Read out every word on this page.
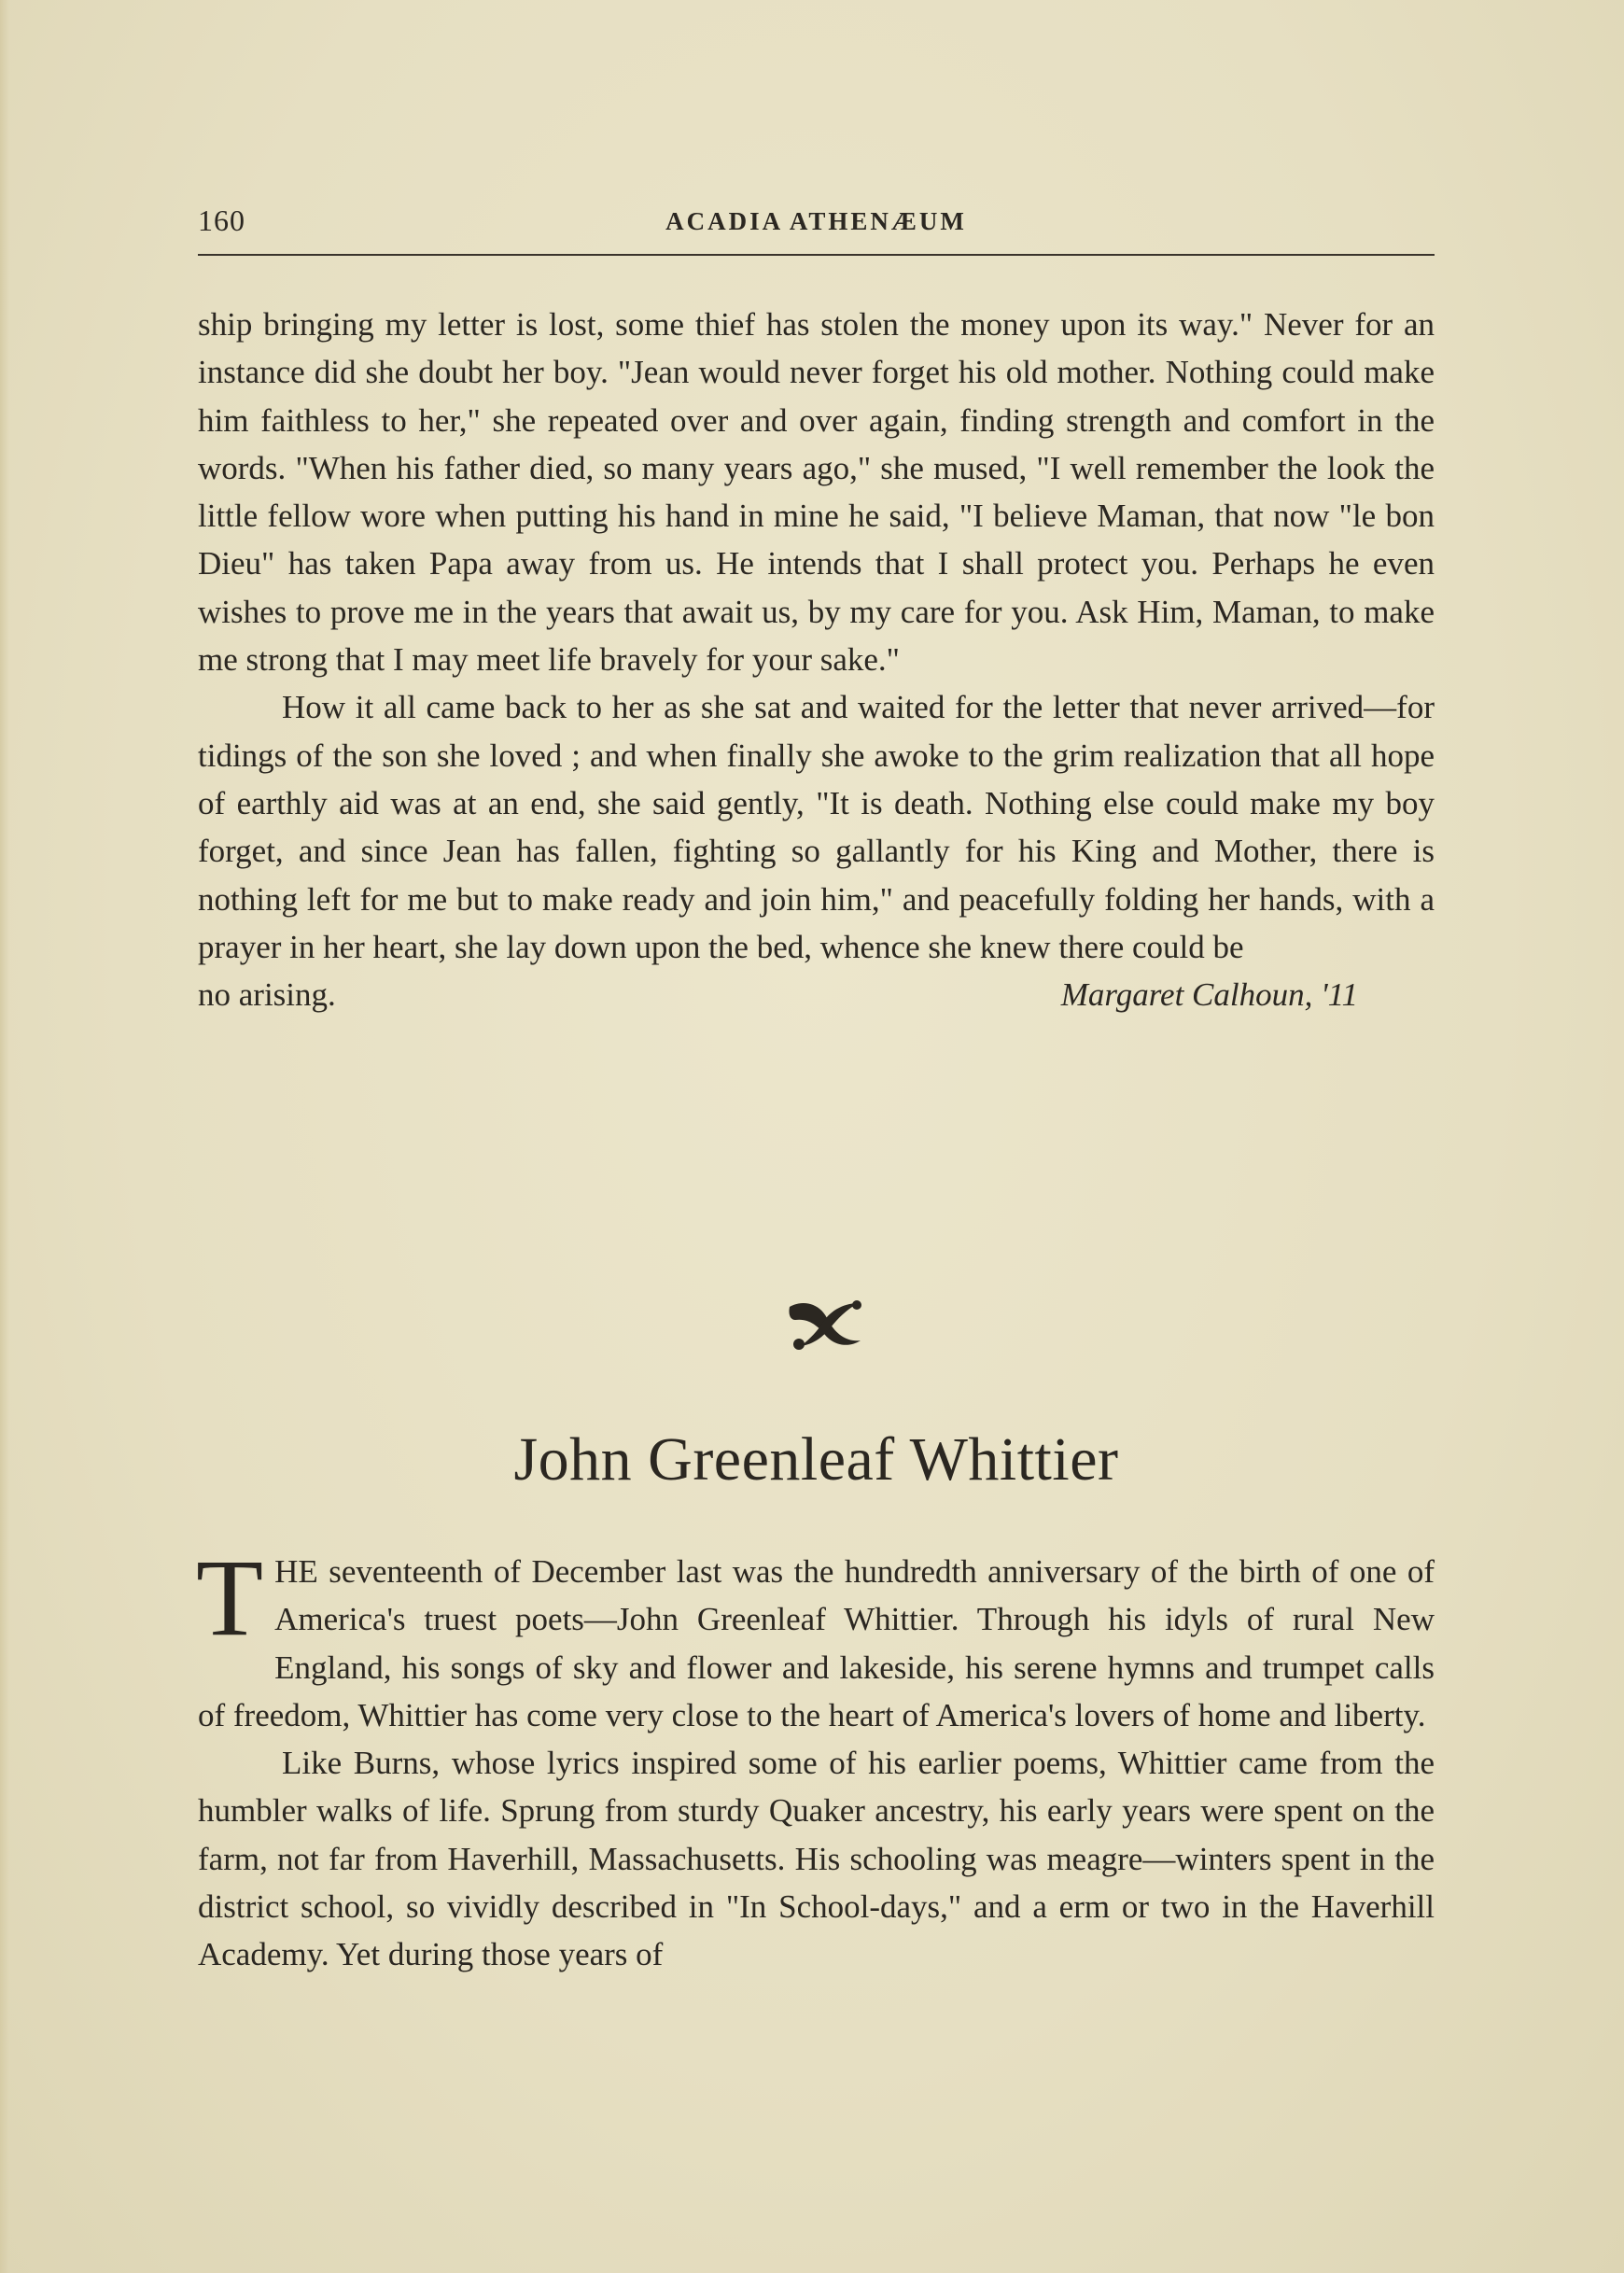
160	ACADIA ATHENÆUM

ship bringing my letter is lost, some thief has stolen the money upon its way." Never for an instance did she doubt her boy. "Jean would never forget his old mother. Nothing could make him faithless to her," she repeated over and over again, finding strength and comfort in the words. "When his father died, so many years ago," she mused, "I well remember the look the little fellow wore when putting his hand in mine he said, "I believe Maman, that now "le bon Dieu" has taken Papa away from us. He intends that I shall protect you. Perhaps he even wishes to prove me in the years that await us, by my care for you. Ask Him, Maman, to make me strong that I may meet life bravely for your sake."

How it all came back to her as she sat and waited for the letter that never arrived—for tidings of the son she loved ; and when finally she awoke to the grim realization that all hope of earthly aid was at an end, she said gently, "It is death. Nothing else could make my boy forget, and since Jean has fallen, fighting so gallantly for his King and Mother, there is nothing left for me but to make ready and join him," and peacefully folding her hands, with a prayer in her heart, she lay down upon the bed, whence she knew there could be

no arising.	Margaret Calhoun, '11

John Greenleaf Whittier

THE seventeenth of December last was the hundredth anniversary of the birth of one of America's truest poets—John Greenleaf Whittier. Through his idyls of rural New England, his songs of sky and flower and lakeside, his serene hymns and trumpet calls of freedom, Whittier has come very close to the heart of America's lovers of home and liberty.

Like Burns, whose lyrics inspired some of his earlier poems, Whittier came from the humbler walks of life. Sprung from sturdy Quaker ancestry, his early years were spent on the farm, not far from Haverhill, Massachusetts. His schooling was meagre—winters spent in the district school, so vividly described in "In School-days," and a erm or two in the Haverhill Academy. Yet during those years of
